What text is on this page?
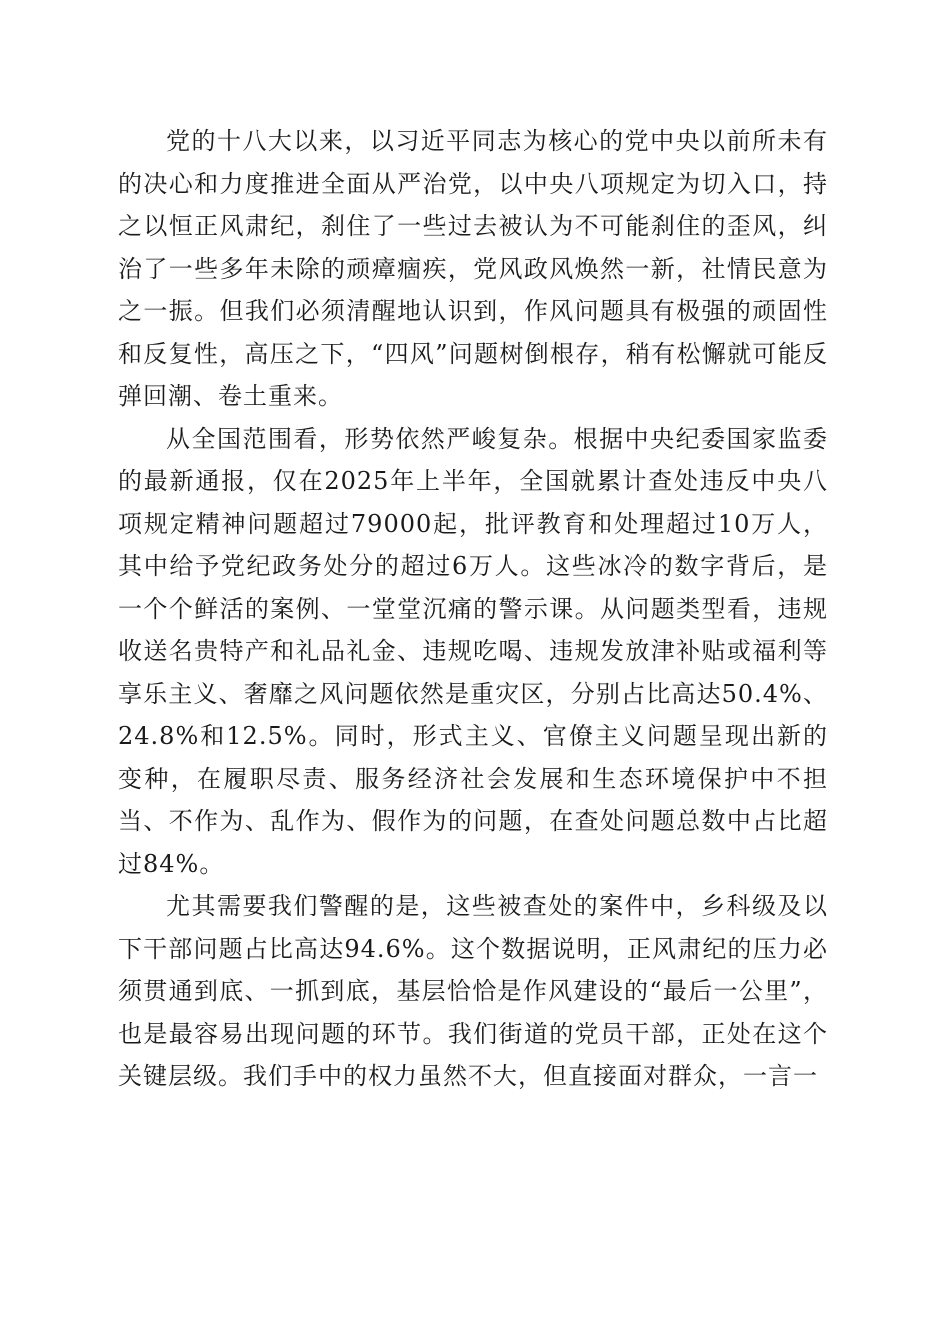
党的十八大以来，以习近平同志为核心的党中央以前所未有的决心和力度推进全面从严治党，以中央八项规定为切入口，持之以恒正风肃纪，刹住了一些过去被认为不可能刹住的歪风，纠治了一些多年未除的顽瘴痼疾，党风政风焕然一新，社情民意为之一振。但我们必须清醒地认识到，作风问题具有极强的顽固性和反复性，高压之下，“四风”问题树倒根存，稍有松懈就可能反弹回潮、卷土重来。

从全国范围看，形势依然严峻复杂。根据中央纪委国家监委的最新通报，仅在2025年上半年，全国就累计查处违反中央八项规定精神问题超过79000起，批评教育和处理超过10万人，其中给予党纪政务处分的超过6万人。这些冰冷的数字背后，是一个个鲜活的案例、一堂堂沉痛的警示课。从问题类型看，违规收送名贵特产和礼品礼金、违规吃喝、违规发放津补贴或福利等享乐主义、奢靡之风问题依然是重灾区，分别占比高达50.4%、24.8%和12.5%。同时，形式主义、官僚主义问题呈现出新的变种，在履职尽责、服务经济社会发展和生态环境保护中不担当、不作为、乱作为、假作为的问题，在查处问题总数中占比超过84%。

尤其需要我们警醒的是，这些被查处的案件中，乡科级及以下干部问题占比高达94.6%。这个数据说明，正风肃纪的压力必须贯通到底、一抓到底，基层恰恰是作风建设的“最后一公里”，也是最容易出现问题的环节。我们街道的党员干部，正处在这个关键层级。我们手中的权力虽然不大，但直接面对群众，一言一
